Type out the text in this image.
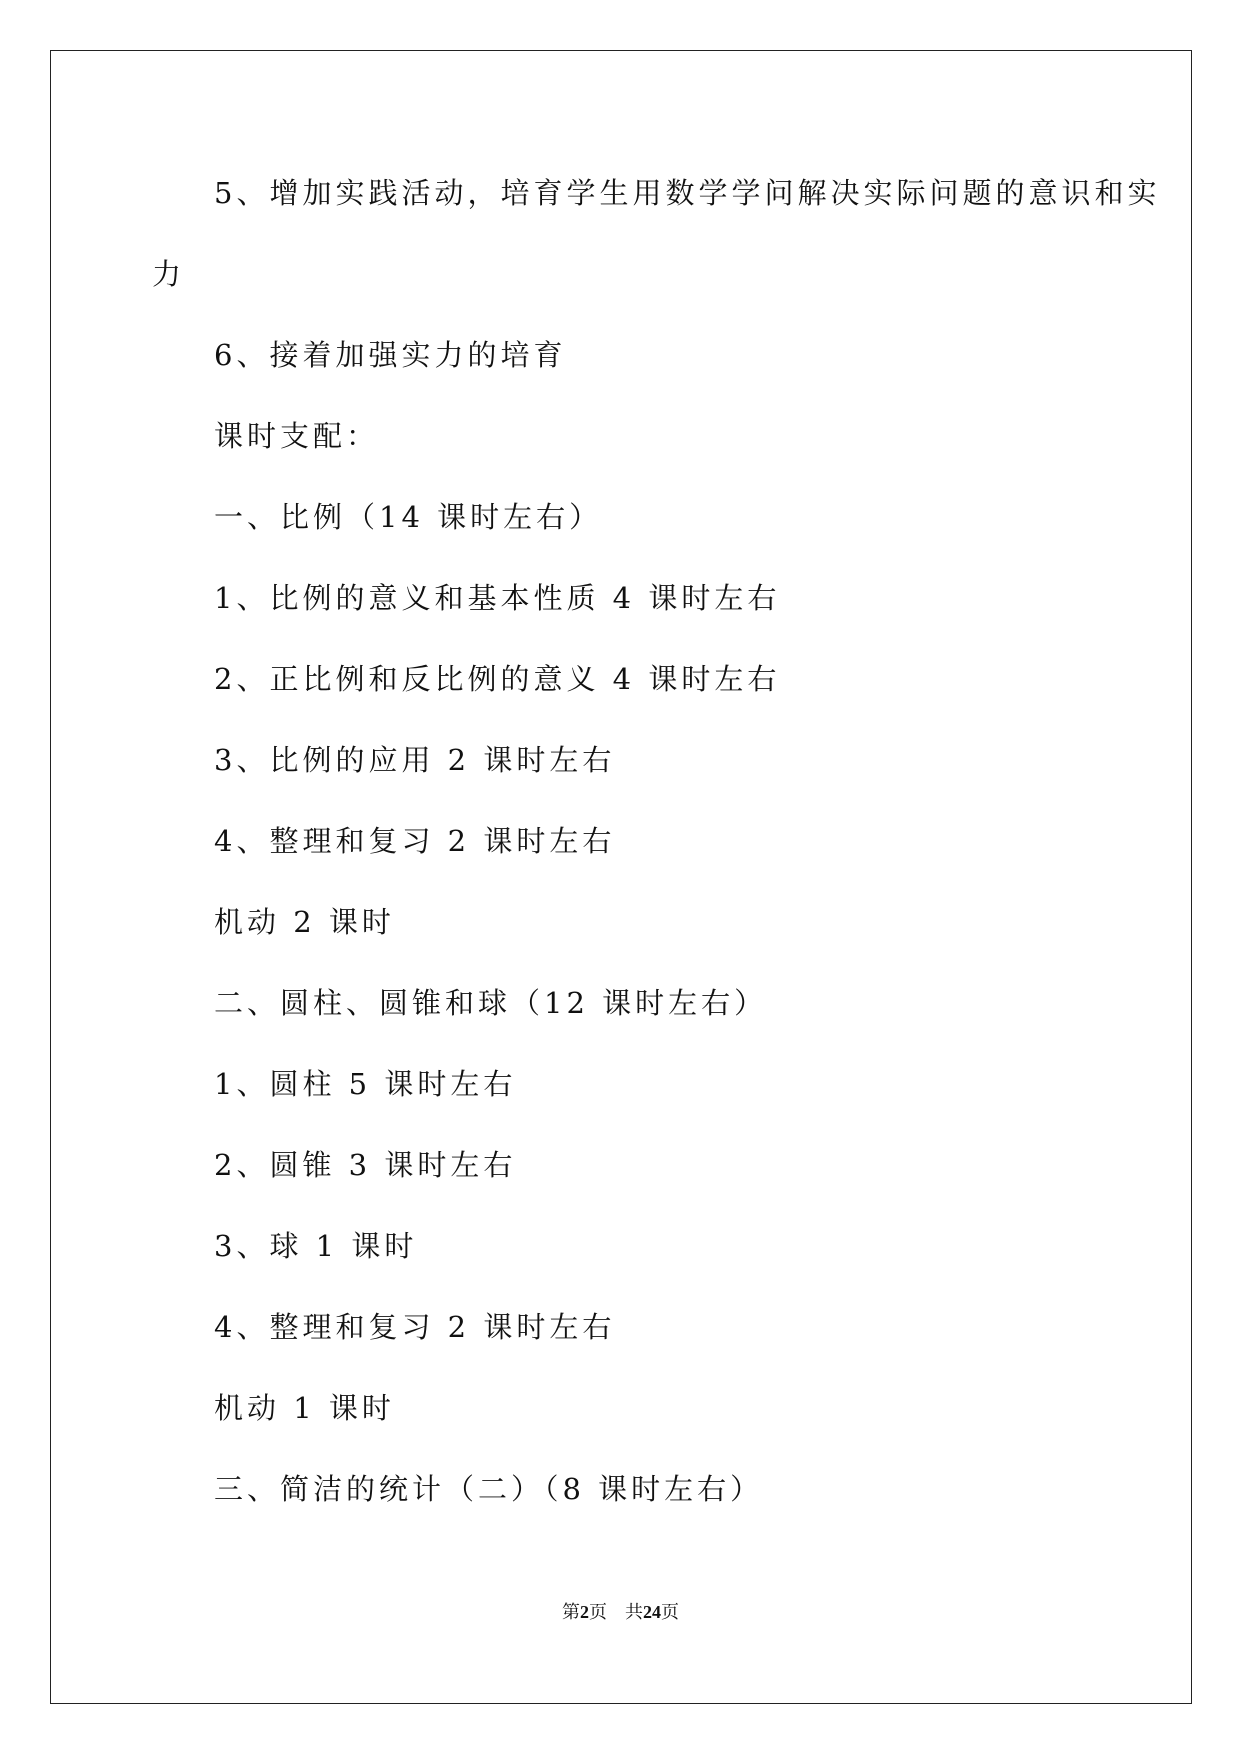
5、增加实践活动，培育学生用数学学问解决实际问题的意识和实
力
6、接着加强实力的培育
课时支配：
一、比例（14 课时左右）
1、比例的意义和基本性质 4 课时左右
2、正比例和反比例的意义 4 课时左右
3、比例的应用 2 课时左右
4、整理和复习 2 课时左右
机动 2 课时
二、圆柱、圆锥和球（12 课时左右）
1、圆柱 5 课时左右
2、圆锥 3 课时左右
3、球 1 课时
4、整理和复习 2 课时左右
机动 1 课时
三、简洁的统计（二）（8 课时左右）
第2页 共24页
